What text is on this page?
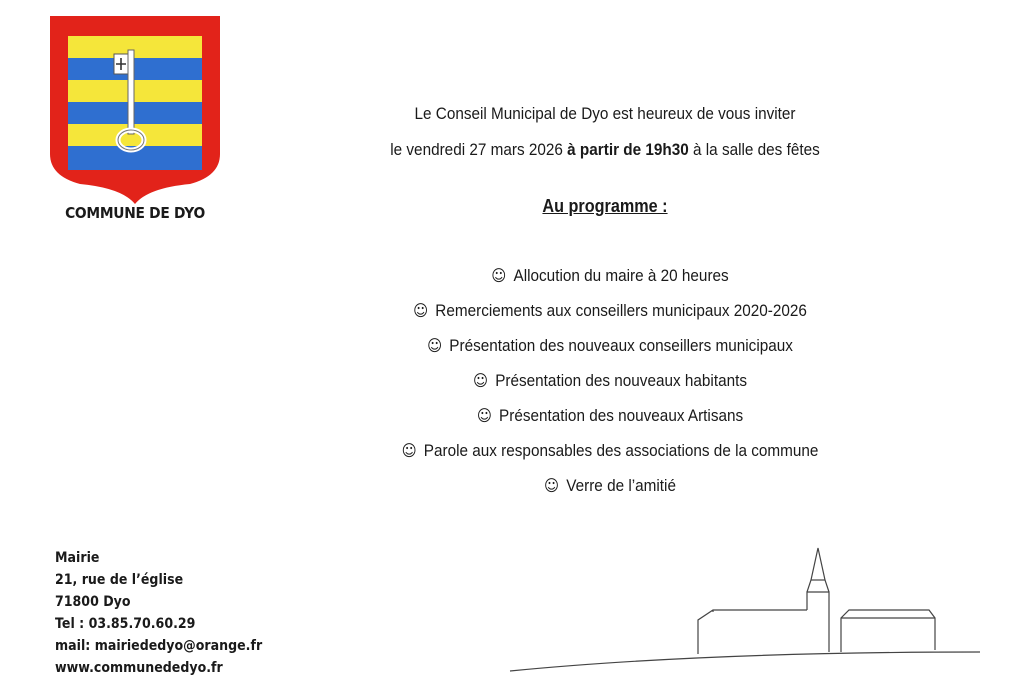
COMMUNE DE DYO
Le Conseil Municipal de Dyo est heureux de vous inviter
le vendredi 27 mars 2026 à partir de 19h30 à la salle des fêtes
Au programme :
☺ Allocution du maire à 20 heures
☺ Remerciements aux conseillers municipaux 2020-2026
☺ Présentation des nouveaux conseillers municipaux
☺ Présentation des nouveaux habitants
☺ Présentation des nouveaux Artisans
☺ Parole aux responsables des associations de la commune
☺ Verre de l’amitié
Mairie
21, rue de l’église
71800 Dyo
Tel : 03.85.70.60.29
mail: mairiededyo@orange.fr
www.communededyo.fr
